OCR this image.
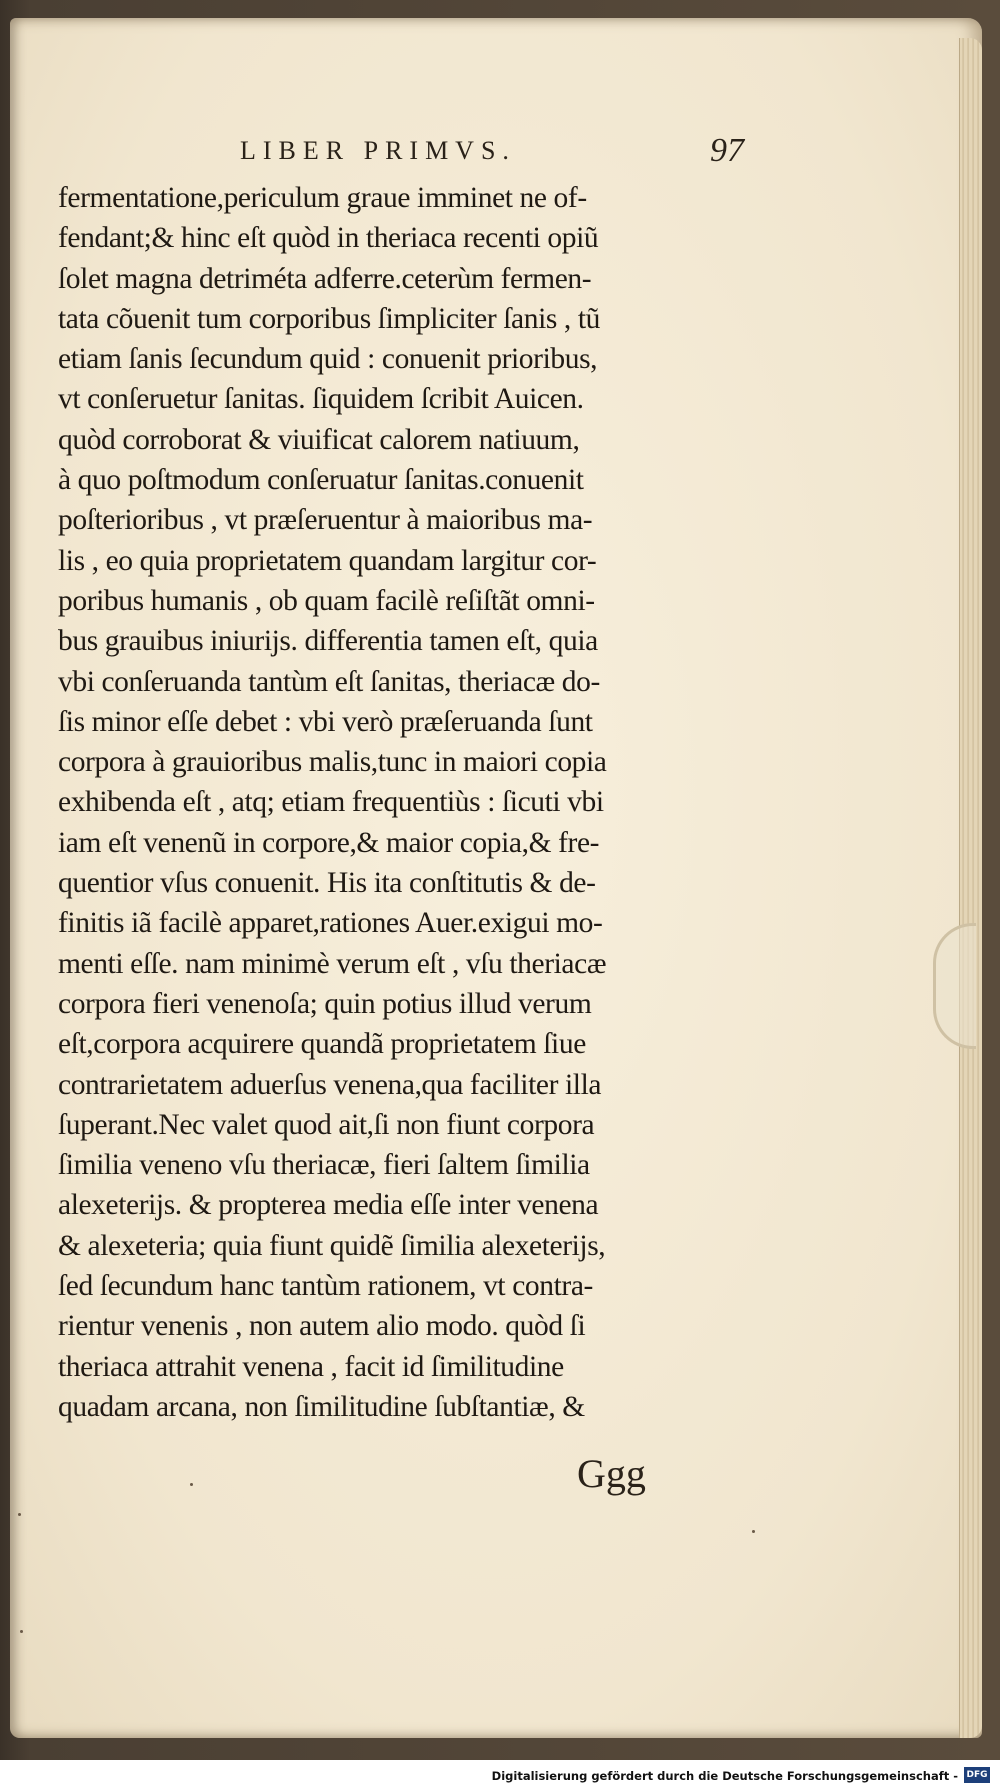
LIBER PRIMVS.	97
fermentatione,periculum graue imminet ne of-
fendant;& hinc eſt quòd in theriaca recenti opiũ
ſolet magna detriméta adferre.ceterùm fermen-
tata cõuenit tum corporibus ſimpliciter ſanis , tũ
etiam ſanis ſecundum quid : conuenit prioribus,
vt conſeruetur ſanitas. ſiquidem ſcribit Auicen.
quòd corroborat & viuificat calorem natiuum,
à quo poſtmodum conſeruatur ſanitas.conuenit
poſterioribus , vt præſeruentur à maioribus ma-
lis , eo quia proprietatem quandam largitur cor-
poribus humanis , ob quam facilè reſiſtãt omni-
bus grauibus iniurijs. differentia tamen eſt, quia
vbi conſeruanda tantùm eſt ſanitas, theriacæ do-
ſis minor eſſe debet : vbi verò præſeruanda ſunt
corpora à grauioribus malis,tunc in maiori copia
exhibenda eſt , atq; etiam frequentiùs : ſicuti vbi
iam eſt venenũ in corpore,& maior copia,& fre-
quentior vſus conuenit. His ita conſtitutis & de-
finitis iã facilè apparet,rationes Auer.exigui mo-
menti eſſe. nam minimè verum eſt , vſu theriacæ
corpora fieri venenoſa; quin potius illud verum
eſt,corpora acquirere quandã proprietatem ſiue
contrarietatem aduerſus venena,qua faciliter illa
ſuperant.Nec valet quod ait,ſi non fiunt corpora
ſimilia veneno vſu theriacæ, fieri ſaltem ſimilia
alexeterijs. & propterea media eſſe inter venena
& alexeteria; quia fiunt quidẽ ſimilia alexeterijs,
ſed ſecundum hanc tantùm rationem, vt contra-
rientur venenis , non autem alio modo. quòd ſi
theriaca attrahit venena , facit id ſimilitudine
quadam arcana, non ſimilitudine ſubſtantiæ, &
Ggg
Digitalisierung gefördert durch die Deutsche Forschungsgemeinschaft - DFG
